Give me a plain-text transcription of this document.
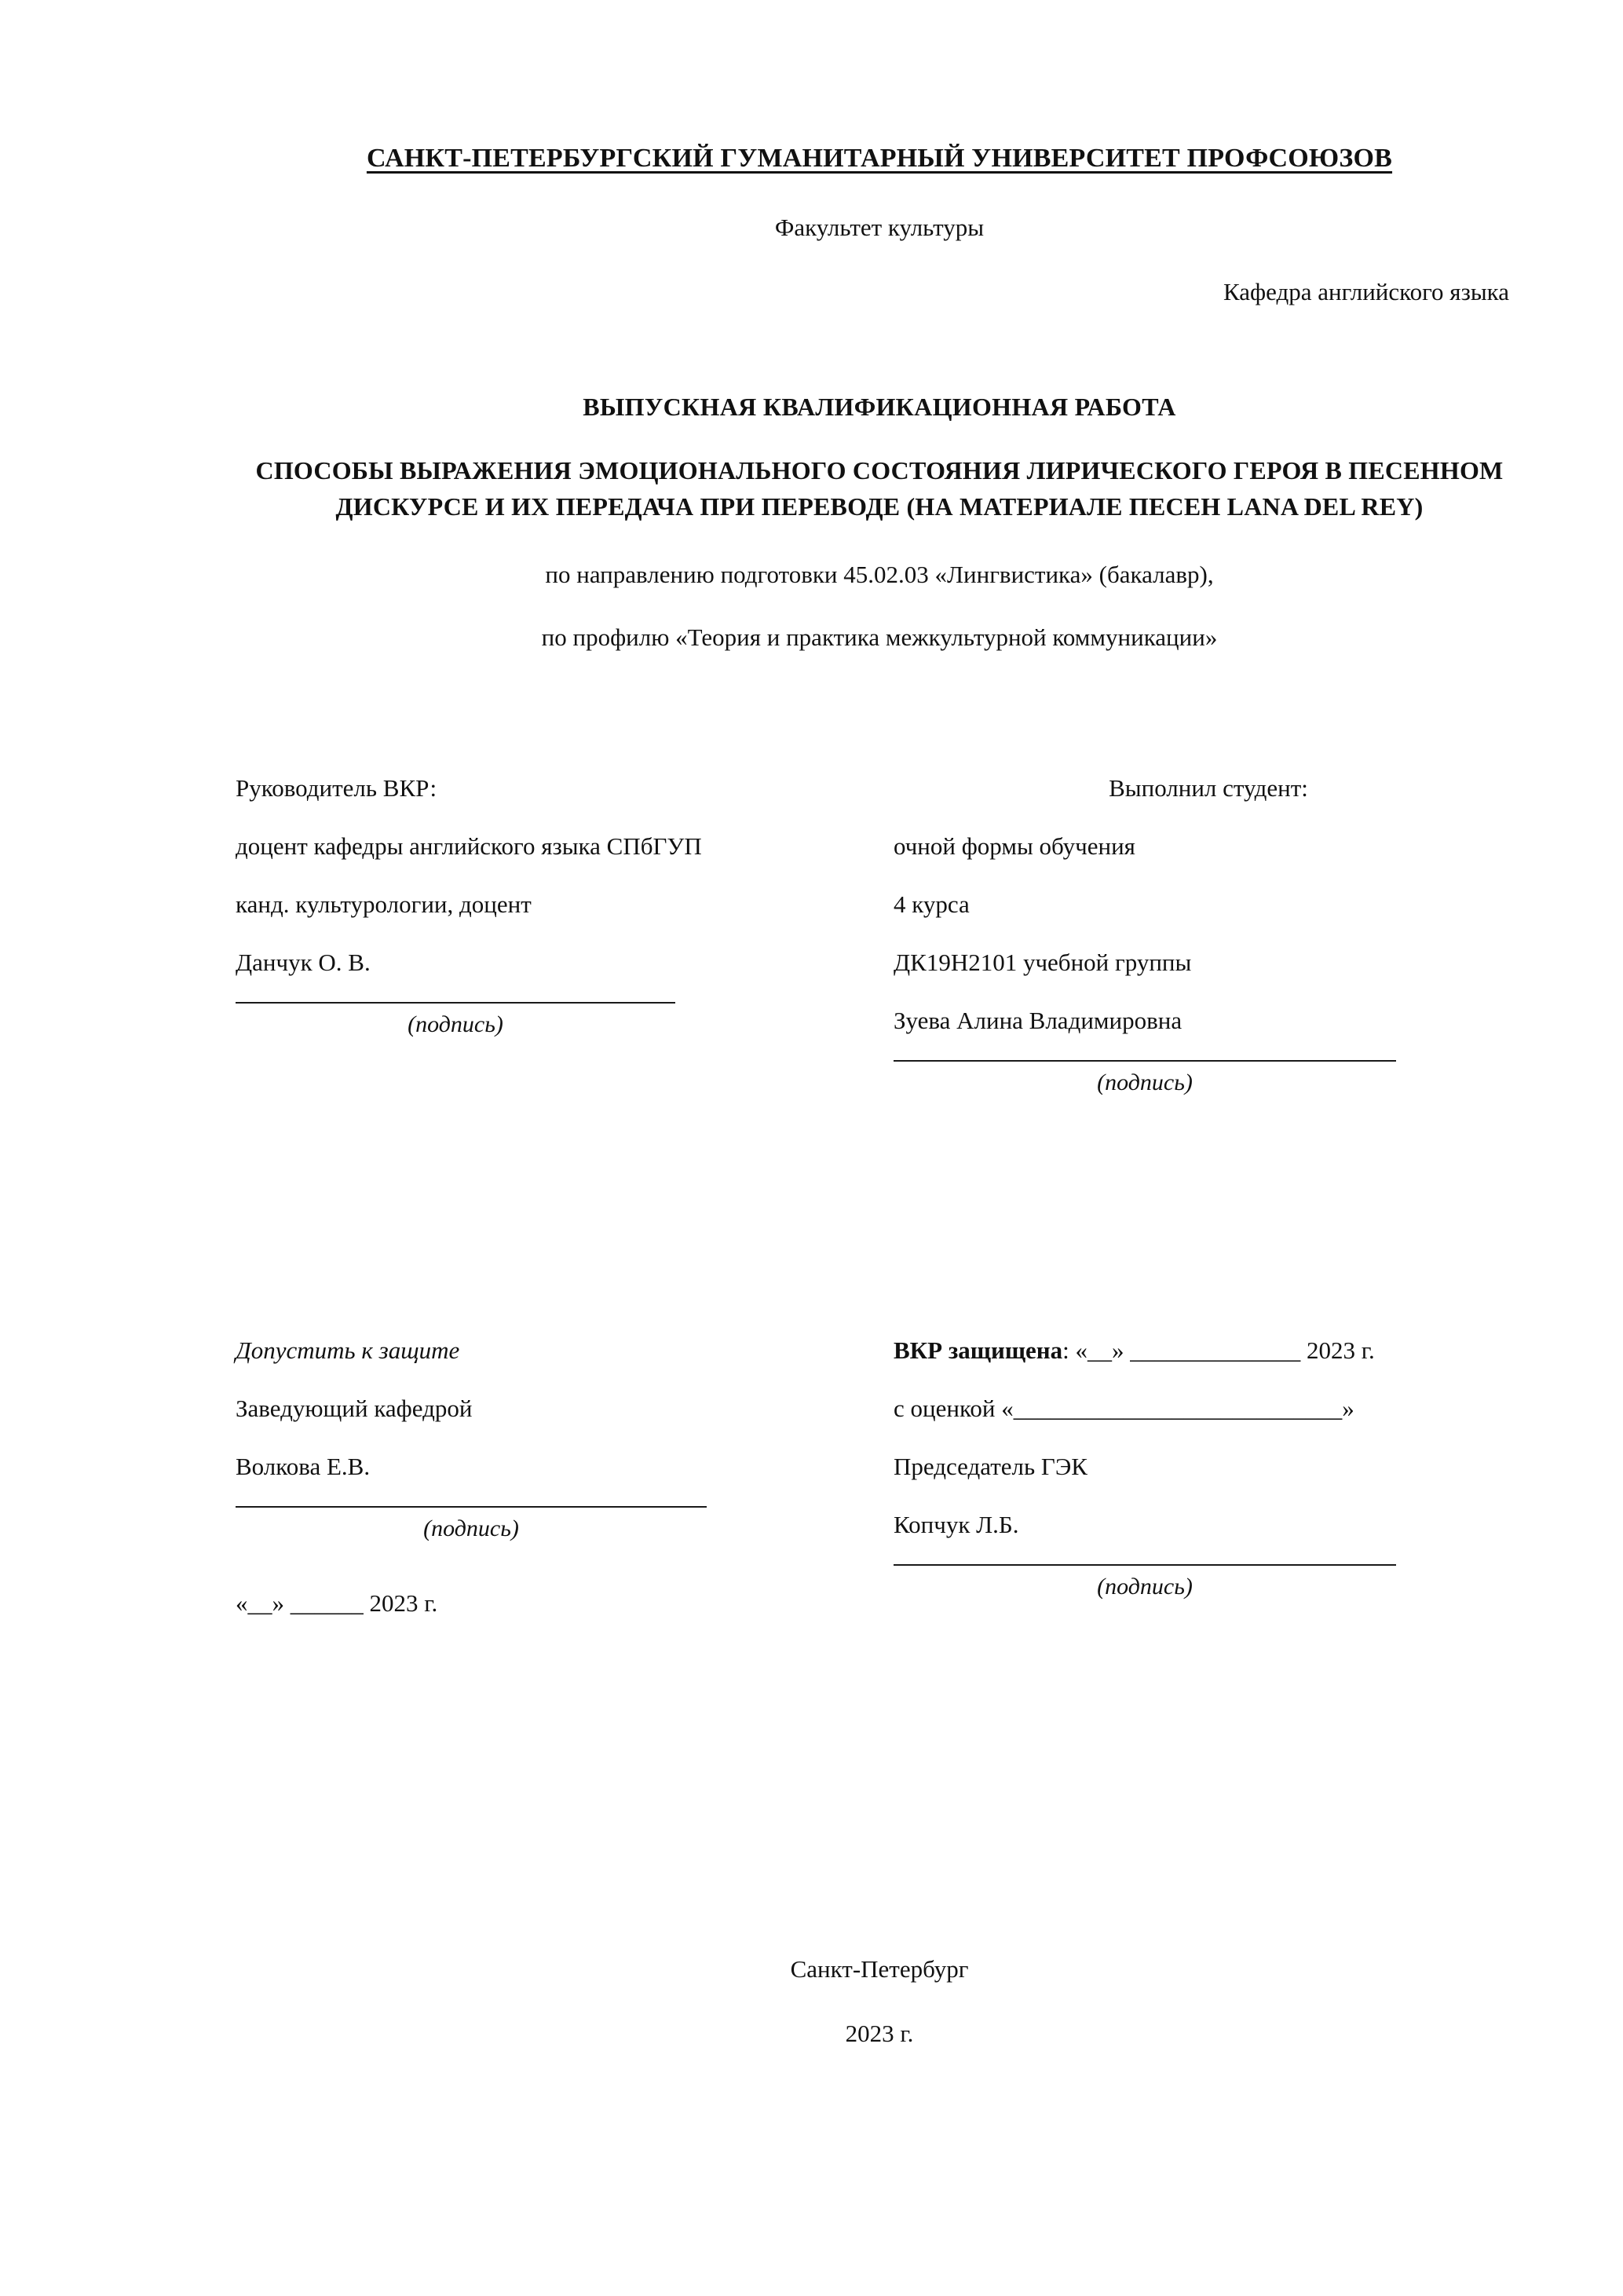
САНКТ-ПЕТЕРБУРГСКИЙ ГУМАНИТАРНЫЙ УНИВЕРСИТЕТ ПРОФСОЮЗОВ
Факультет культуры
Кафедра английского языка
ВЫПУСКНАЯ КВАЛИФИКАЦИОННАЯ РАБОТА
СПОСОБЫ ВЫРАЖЕНИЯ ЭМОЦИОНАЛЬНОГО СОСТОЯНИЯ ЛИРИЧЕСКОГО ГЕРОЯ В ПЕСЕННОМ ДИСКУРСЕ И ИХ ПЕРЕДАЧА ПРИ ПЕРЕВОДЕ (НА МАТЕРИАЛЕ ПЕСЕН LANA DEL REY)
по направлению подготовки 45.02.03 «Лингвистика» (бакалавр),
по профилю «Теория и практика межкультурной коммуникации»
Руководитель ВКР:
доцент кафедры английского языка СПбГУП
канд. культурологии, доцент
Данчук О. В.
(подпись)
Выполнил студент:
очной формы обучения
4 курса
ДК19Н2101 учебной группы
Зуева Алина Владимировна
(подпись)
Допустить к защите
Заведующий кафедрой
Волкова Е.В.
(подпись)
«__» ______ 2023 г.
ВКР защищена: «__» ______________ 2023 г.
с оценкой «___________________________»
Председатель ГЭК
Копчук Л.Б.
(подпись)
Санкт-Петербург
2023 г.
